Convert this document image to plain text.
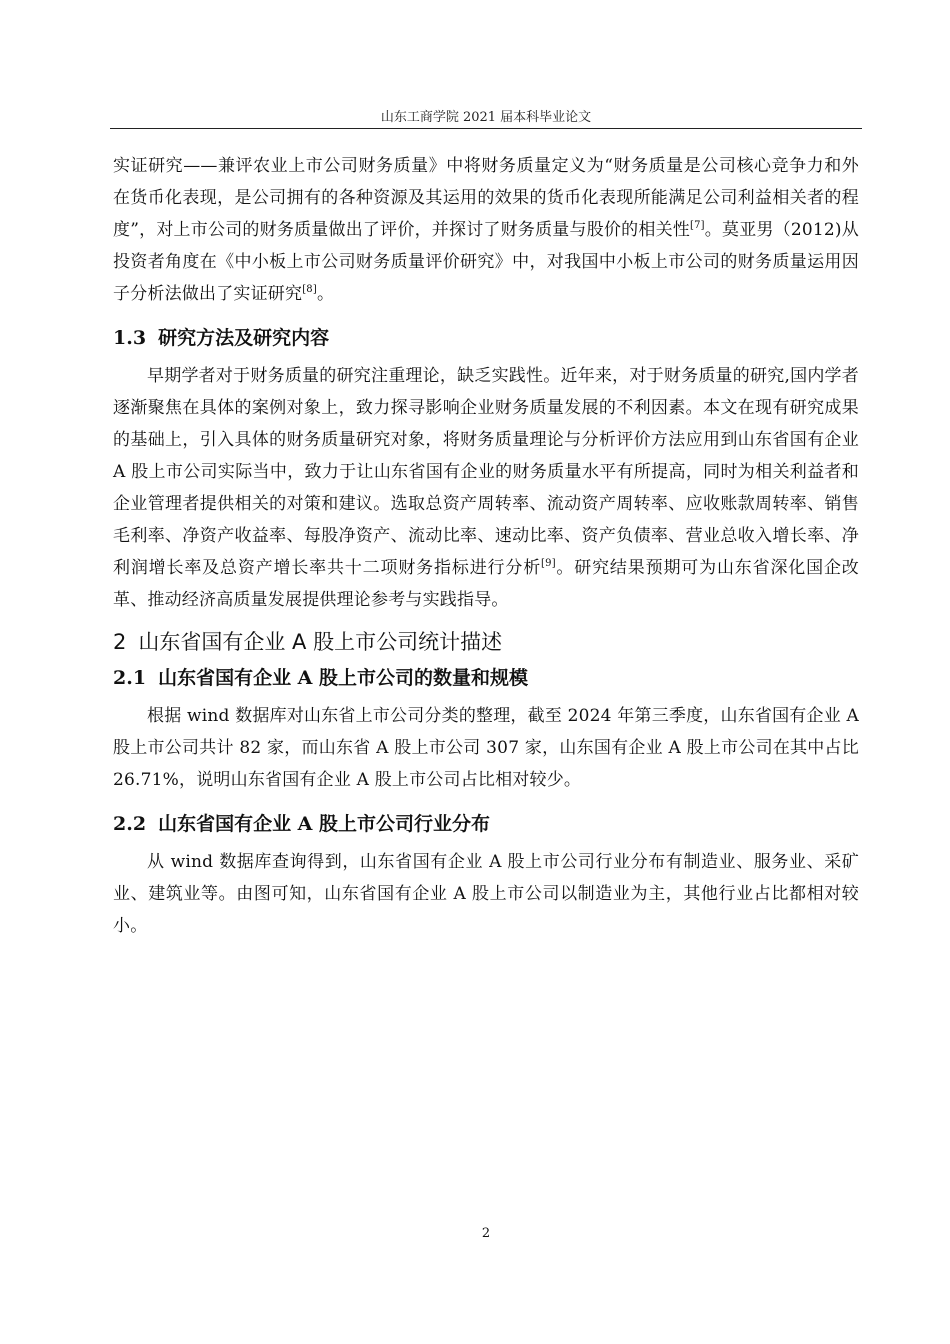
山东工商学院 2021 届本科毕业论文

实证研究——兼评农业上市公司财务质量》中将财务质量定义为“财务质量是公司核心竞争力和外在货币化表现，是公司拥有的各种资源及其运用的效果的货币化表现所能满足公司利益相关者的程度”，对上市公司的财务质量做出了评价，并探讨了财务质量与股价的相关性[7]。莫亚男（2012)从投资者角度在《中小板上市公司财务质量评价研究》中，对我国中小板上市公司的财务质量运用因子分析法做出了实证研究[8]。

1.3 研究方法及研究内容

早期学者对于财务质量的研究注重理论，缺乏实践性。近年来，对于财务质量的研究,国内学者逐渐聚焦在具体的案例对象上，致力探寻影响企业财务质量发展的不利因素。本文在现有研究成果的基础上，引入具体的财务质量研究对象，将财务质量理论与分析评价方法应用到山东省国有企业 A 股上市公司实际当中，致力于让山东省国有企业的财务质量水平有所提高，同时为相关利益者和企业管理者提供相关的对策和建议。选取总资产周转率、流动资产周转率、应收账款周转率、销售毛利率、净资产收益率、每股净资产、流动比率、速动比率、资产负债率、营业总收入增长率、净利润增长率及总资产增长率共十二项财务指标进行分析[9]。研究结果预期可为山东省深化国企改革、推动经济高质量发展提供理论参考与实践指导。

2 山东省国有企业 A 股上市公司统计描述
2.1 山东省国有企业 A 股上市公司的数量和规模

根据 wind 数据库对山东省上市公司分类的整理，截至 2024 年第三季度，山东省国有企业 A 股上市公司共计 82 家，而山东省 A 股上市公司 307 家，山东国有企业 A 股上市公司在其中占比 26.71%，说明山东省国有企业 A 股上市公司占比相对较少。

2.2 山东省国有企业 A 股上市公司行业分布

从 wind 数据库查询得到，山东省国有企业 A 股上市公司行业分布有制造业、服务业、采矿业、建筑业等。由图可知，山东省国有企业 A 股上市公司以制造业为主，其他行业占比都相对较小。

2
